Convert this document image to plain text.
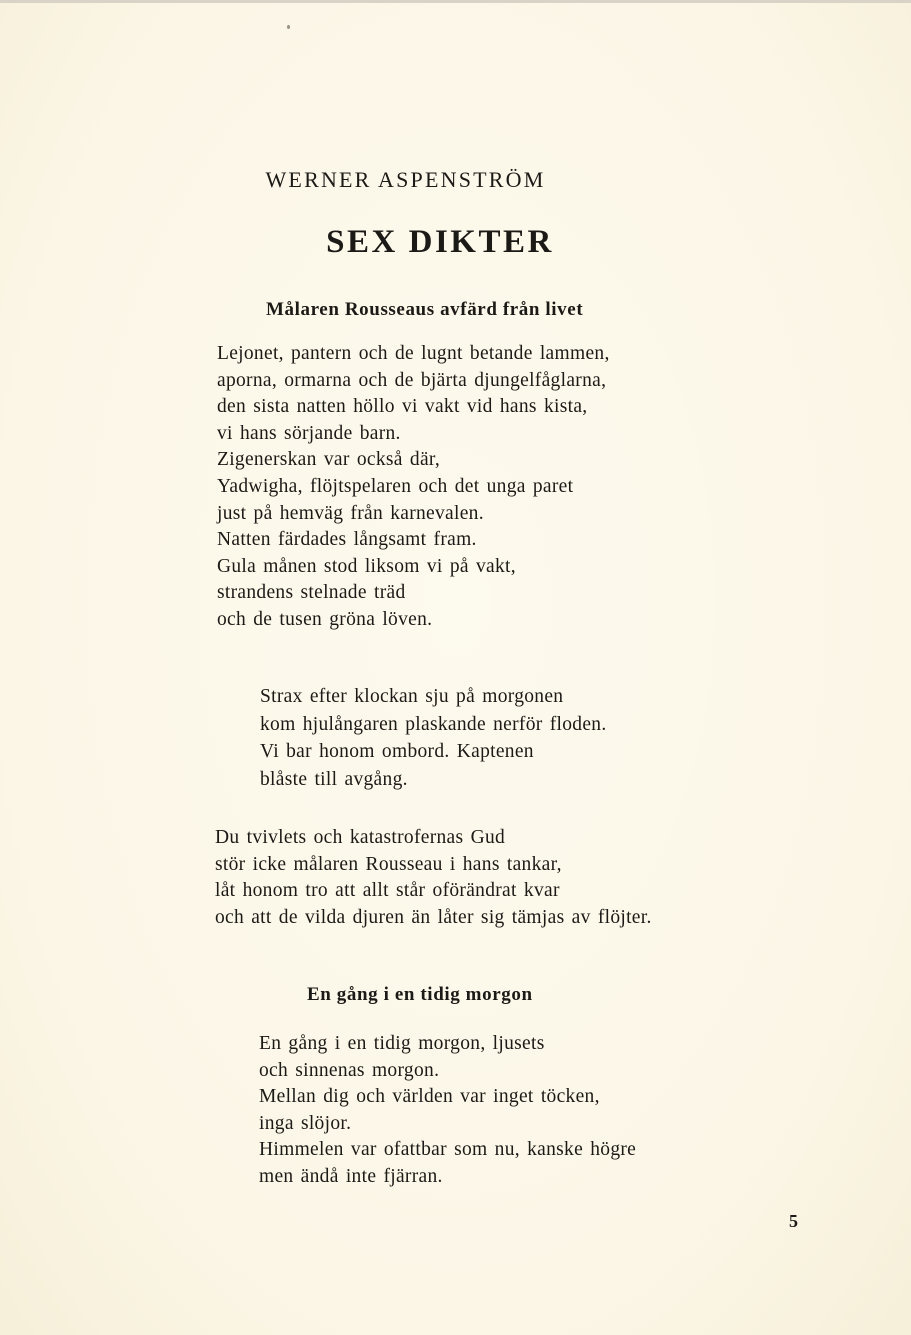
WERNER ASPENSTRÖM
SEX DIKTER
Målaren Rousseaus avfärd från livet
Lejonet, pantern och de lugnt betande lammen,
aporna, ormarna och de bjärta djungelfåglarna,
den sista natten höllo vi vakt vid hans kista,
vi hans sörjande barn.
Zigenerskan var också där,
Yadwigha, flöjtspelaren och det unga paret
just på hemväg från karnevalen.
Natten färdades långsamt fram.
Gula månen stod liksom vi på vakt,
strandens stelnade träd
och de tusen gröna löven.
Strax efter klockan sju på morgonen
kom hjulångaren plaskande nerför floden.
Vi bar honom ombord. Kaptenen
blåste till avgång.
Du tvivlets och katastrofernas Gud
stör icke målaren Rousseau i hans tankar,
låt honom tro att allt står oförändrat kvar
och att de vilda djuren än låter sig tämjas av flöjter.
En gång i en tidig morgon
En gång i en tidig morgon, ljusets
och sinnenas morgon.
Mellan dig och världen var inget töcken,
inga slöjor.
Himmelen var ofattbar som nu, kanske högre
men ändå inte fjärran.
5
